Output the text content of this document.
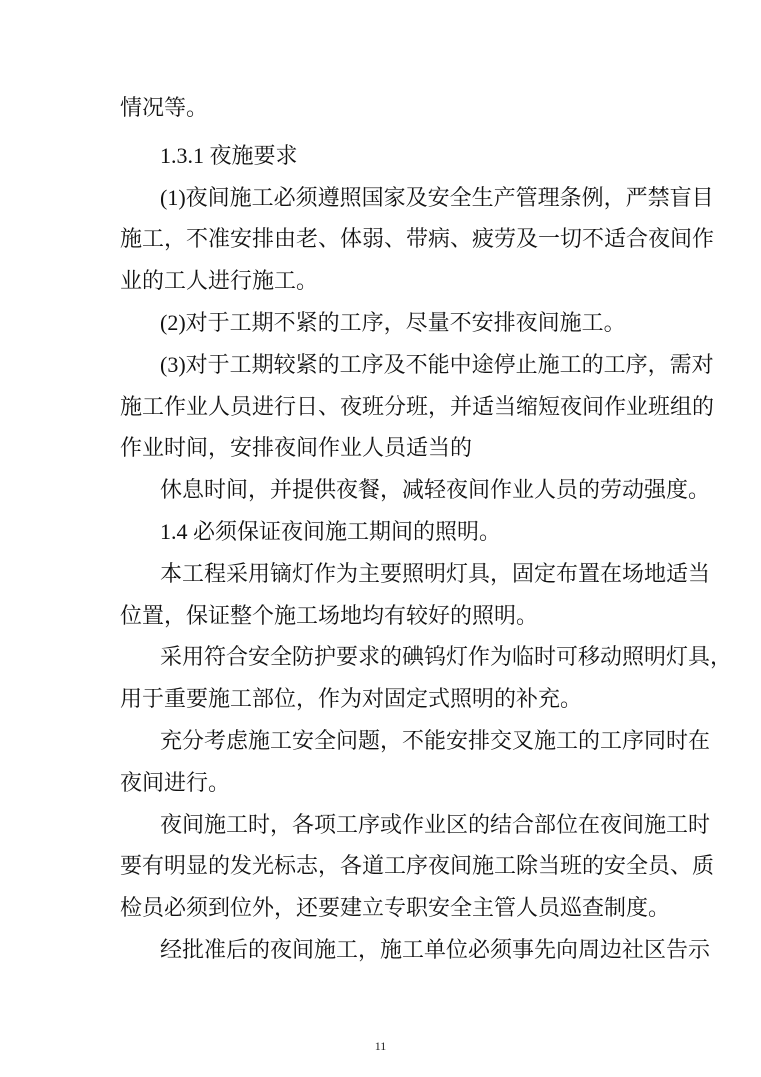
情况等。
1.3.1 夜施要求
(1)夜间施工必须遵照国家及安全生产管理条例，严禁盲目
施工，不准安排由老、体弱、带病、疲劳及一切不适合夜间作
业的工人进行施工。
(2)对于工期不紧的工序，尽量不安排夜间施工。
(3)对于工期较紧的工序及不能中途停止施工的工序，需对
施工作业人员进行日、夜班分班，并适当缩短夜间作业班组的
作业时间，安排夜间作业人员适当的
休息时间，并提供夜餐，减轻夜间作业人员的劳动强度。
1.4 必须保证夜间施工期间的照明。
本工程采用镝灯作为主要照明灯具，固定布置在场地适当
位置，保证整个施工场地均有较好的照明。
采用符合安全防护要求的碘钨灯作为临时可移动照明灯具，
用于重要施工部位，作为对固定式照明的补充。
充分考虑施工安全问题，不能安排交叉施工的工序同时在
夜间进行。
夜间施工时，各项工序或作业区的结合部位在夜间施工时
要有明显的发光标志，各道工序夜间施工除当班的安全员、质
检员必须到位外，还要建立专职安全主管人员巡查制度。
经批准后的夜间施工，施工单位必须事先向周边社区告示
11
